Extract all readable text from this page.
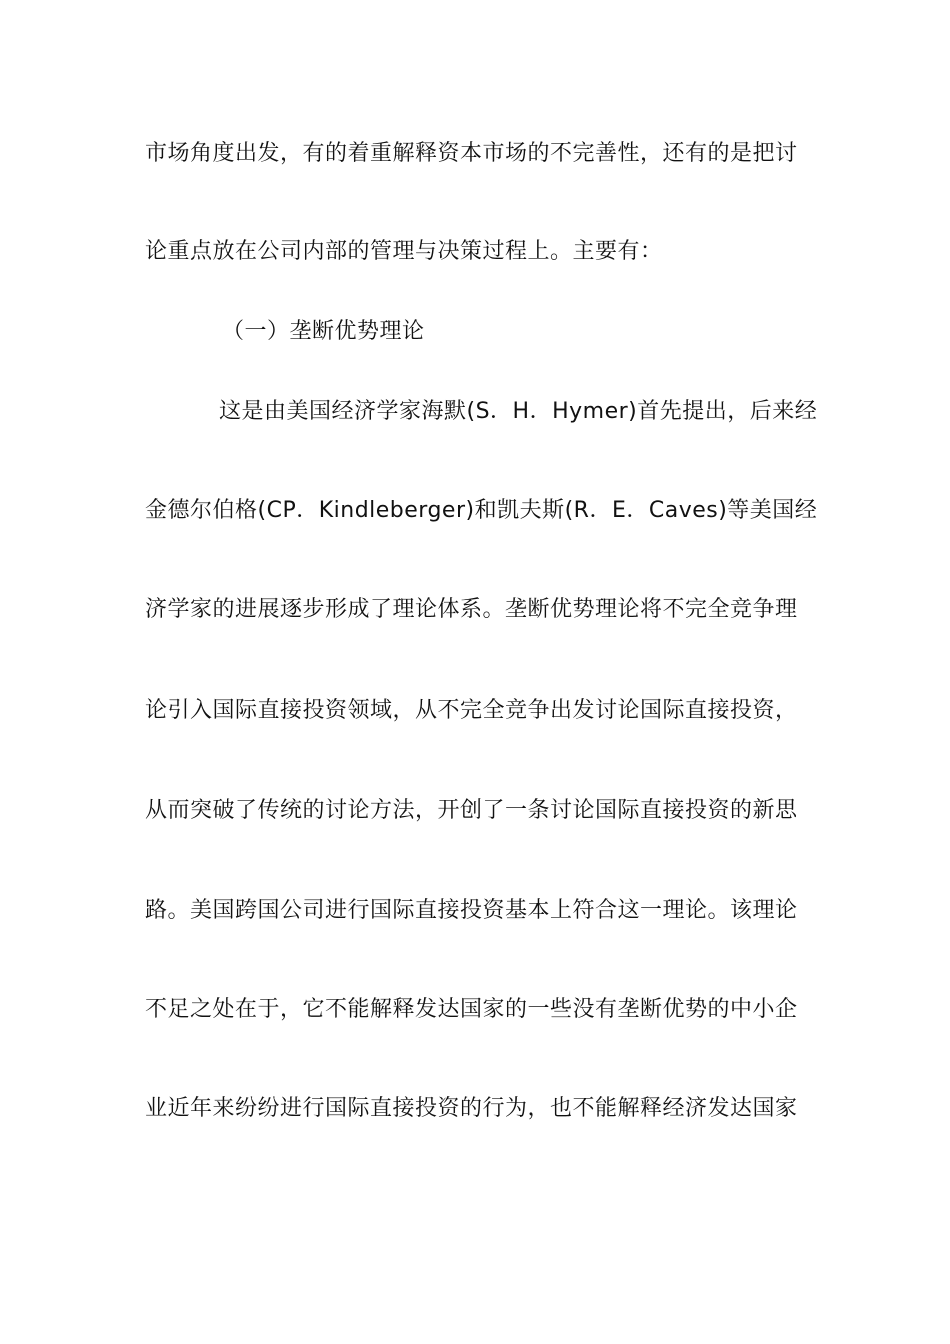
市场角度出发，有的着重解释资本市场的不完善性，还有的是把讨
论重点放在公司内部的管理与决策过程上。主要有：
（一）垄断优势理论
这是由美国经济学家海默(S．H．Hymer)首先提出，后来经
金德尔伯格(CP．Kindleberger)和凯夫斯(R．E．Caves)等美国经
济学家的进展逐步形成了理论体系。垄断优势理论将不完全竞争理
论引入国际直接投资领域，从不完全竞争出发讨论国际直接投资，
从而突破了传统的讨论方法，开创了一条讨论国际直接投资的新思
路。美国跨国公司进行国际直接投资基本上符合这一理论。该理论
不足之处在于，它不能解释发达国家的一些没有垄断优势的中小企
业近年来纷纷进行国际直接投资的行为，也不能解释经济发达国家
